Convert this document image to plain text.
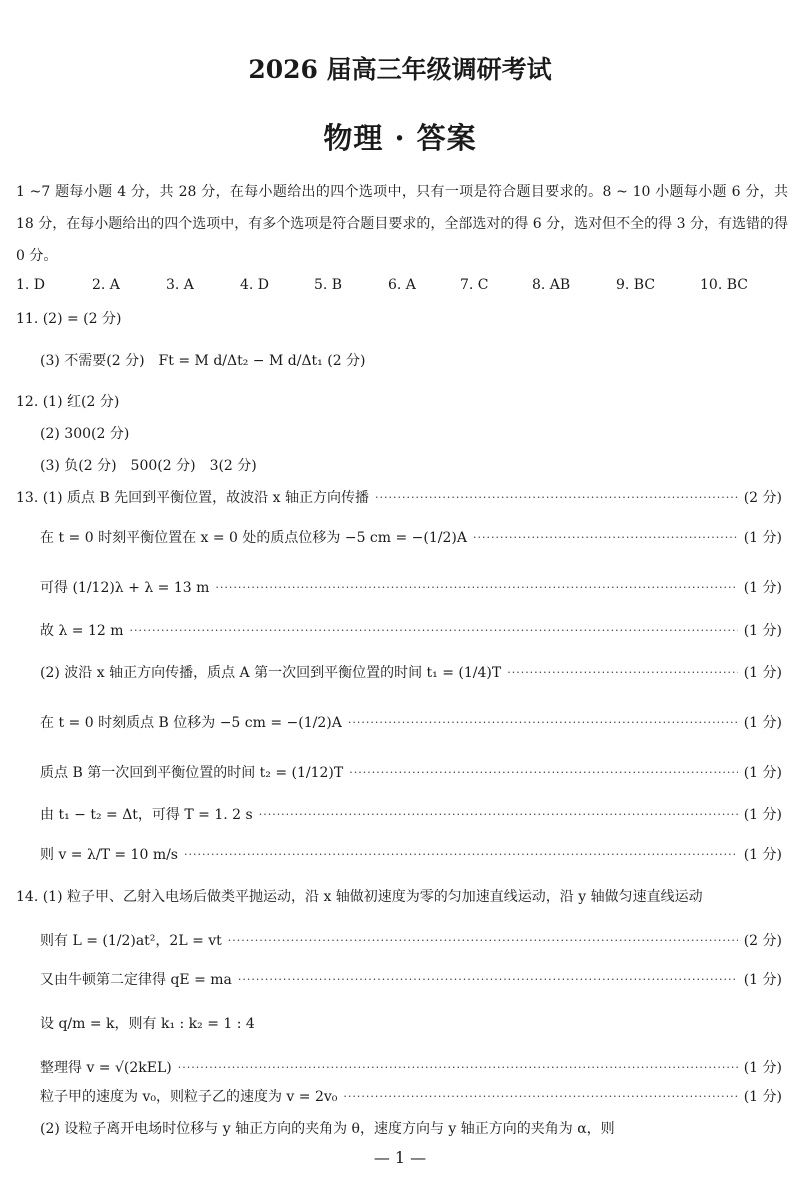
2026 届高三年级调研考试
物理 · 答案
1 ~7 题每小题 4 分，共 28 分，在每小题给出的四个选项中，只有一项是符合题目要求的。8 ~ 10 小题每小题 6 分，共 18 分，在每小题给出的四个选项中，有多个选项是符合题目要求的，全部选对的得 6 分，选对但不全的得 3 分，有选错的得 0 分。
1. D	2. A	3. A	4. D	5. B	6. A	7. C	8. AB	9. BC	10. BC
11. (2) = (2 分)
(3) 不需要(2 分)　Ft = M d/Δt₂ − M d/Δt₁ (2 分)
12. (1) 红(2 分)
(2) 300(2 分)
(3) 负(2 分)　500(2 分)　3(2 分)
13. (1) 质点 B 先回到平衡位置，故波沿 x 轴正方向传播 ·····	(2 分)
在 t = 0 时刻平衡位置在 x = 0 处的质点位移为 −5 cm = −(1/2)A ·····	(1 分)
可得 (1/12)λ + λ = 13 m ·····	(1 分)
故 λ = 12 m ·····	(1 分)
(2) 波沿 x 轴正方向传播，质点 A 第一次回到平衡位置的时间 t₁ = (1/4)T ·····	(1 分)
在 t = 0 时刻质点 B 位移为 −5 cm = −(1/2)A ·····	(1 分)
质点 B 第一次回到平衡位置的时间 t₂ = (1/12)T ·····	(1 分)
由 t₁ − t₂ = Δt，可得 T = 1. 2 s ·····	(1 分)
则 v = λ/T = 10 m/s ·····	(1 分)
14. (1) 粒子甲、乙射入电场后做类平抛运动，沿 x 轴做初速度为零的匀加速直线运动，沿 y 轴做匀速直线运动
则有 L = (1/2)at²，2L = vt ·····	(2 分)
又由牛顿第二定律得 qE = ma ·····	(1 分)
设 q/m = k，则有 k₁ : k₂ = 1 : 4
整理得 v = √(2kEL) ·····	(1 分)
粒子甲的速度为 v₀，则粒子乙的速度为 v = 2v₀ ·····	(1 分)
(2) 设粒子离开电场时位移与 y 轴正方向的夹角为 θ，速度方向与 y 轴正方向的夹角为 α，则
— 1 —
